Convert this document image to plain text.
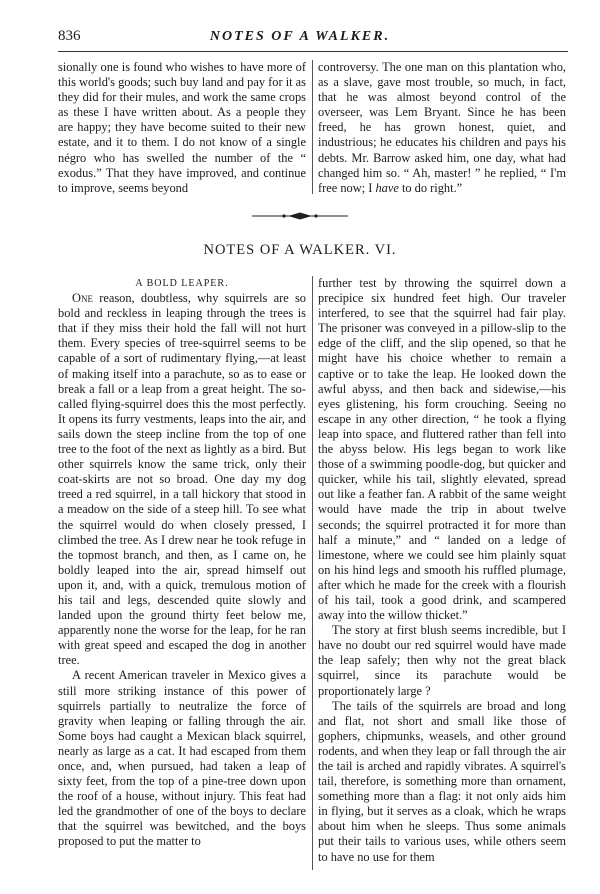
836	NOTES OF A WALKER.

sionally one is found who wishes to have more of this world's goods; such buy land and pay for it as they did for their mules, and work the same crops as these I have written about. As a people they are happy; they have become suited to their new estate, and it to them. I do not know of a single négro who has swelled the number of the “ exodus.” That they have improved, and continue to improve, seems beyond

controversy. The one man on this plantation who, as a slave, gave most trouble, so much, in fact, that he was almost beyond control of the overseer, was Lem Bryant. Since he has been freed, he has grown honest, quiet, and industrious; he educates his children and pays his debts. Mr. Barrow asked him, one day, what had changed him so. “ Ah, master! ” he replied, “ I'm free now; I have to do right.”

NOTES OF A WALKER. VI.

A BOLD LEAPER.

One reason, doubtless, why squirrels are so bold and reckless in leaping through the trees is that if they miss their hold the fall will not hurt them. Every species of tree-squirrel seems to be capable of a sort of rudimentary flying,—at least of making itself into a parachute, so as to ease or break a fall or a leap from a great height. The so-called flying-squirrel does this the most perfectly. It opens its furry vestments, leaps into the air, and sails down the steep incline from the top of one tree to the foot of the next as lightly as a bird. But other squirrels know the same trick, only their coat-skirts are not so broad. One day my dog treed a red squirrel, in a tall hickory that stood in a meadow on the side of a steep hill. To see what the squirrel would do when closely pressed, I climbed the tree. As I drew near he took refuge in the topmost branch, and then, as I came on, he boldly leaped into the air, spread himself out upon it, and, with a quick, tremulous motion of his tail and legs, descended quite slowly and landed upon the ground thirty feet below me, apparently none the worse for the leap, for he ran with great speed and escaped the dog in another tree.

A recent American traveler in Mexico gives a still more striking instance of this power of squirrels partially to neutralize the force of gravity when leaping or falling through the air. Some boys had caught a Mexican black squirrel, nearly as large as a cat. It had escaped from them once, and, when pursued, had taken a leap of sixty feet, from the top of a pine-tree down upon the roof of a house, without injury. This feat had led the grandmother of one of the boys to declare that the squirrel was bewitched, and the boys proposed to put the matter to

further test by throwing the squirrel down a precipice six hundred feet high. Our traveler interfered, to see that the squirrel had fair play. The prisoner was conveyed in a pillow-slip to the edge of the cliff, and the slip opened, so that he might have his choice whether to remain a captive or to take the leap. He looked down the awful abyss, and then back and sidewise,—his eyes glistening, his form crouching. Seeing no escape in any other direction, “ he took a flying leap into space, and fluttered rather than fell into the abyss below. His legs began to work like those of a swimming poodle-dog, but quicker and quicker, while his tail, slightly elevated, spread out like a feather fan. A rabbit of the same weight would have made the trip in about twelve seconds; the squirrel protracted it for more than half a minute,” and “ landed on a ledge of limestone, where we could see him plainly squat on his hind legs and smooth his ruffled plumage, after which he made for the creek with a flourish of his tail, took a good drink, and scampered away into the willow thicket.”

The story at first blush seems incredible, but I have no doubt our red squirrel would have made the leap safely; then why not the great black squirrel, since its parachute would be proportionately large ?

The tails of the squirrels are broad and long and flat, not short and small like those of gophers, chipmunks, weasels, and other ground rodents, and when they leap or fall through the air the tail is arched and rapidly vibrates. A squirrel's tail, therefore, is something more than ornament, something more than a flag: it not only aids him in flying, but it serves as a cloak, which he wraps about him when he sleeps. Thus some animals put their tails to various uses, while others seem to have no use for them
